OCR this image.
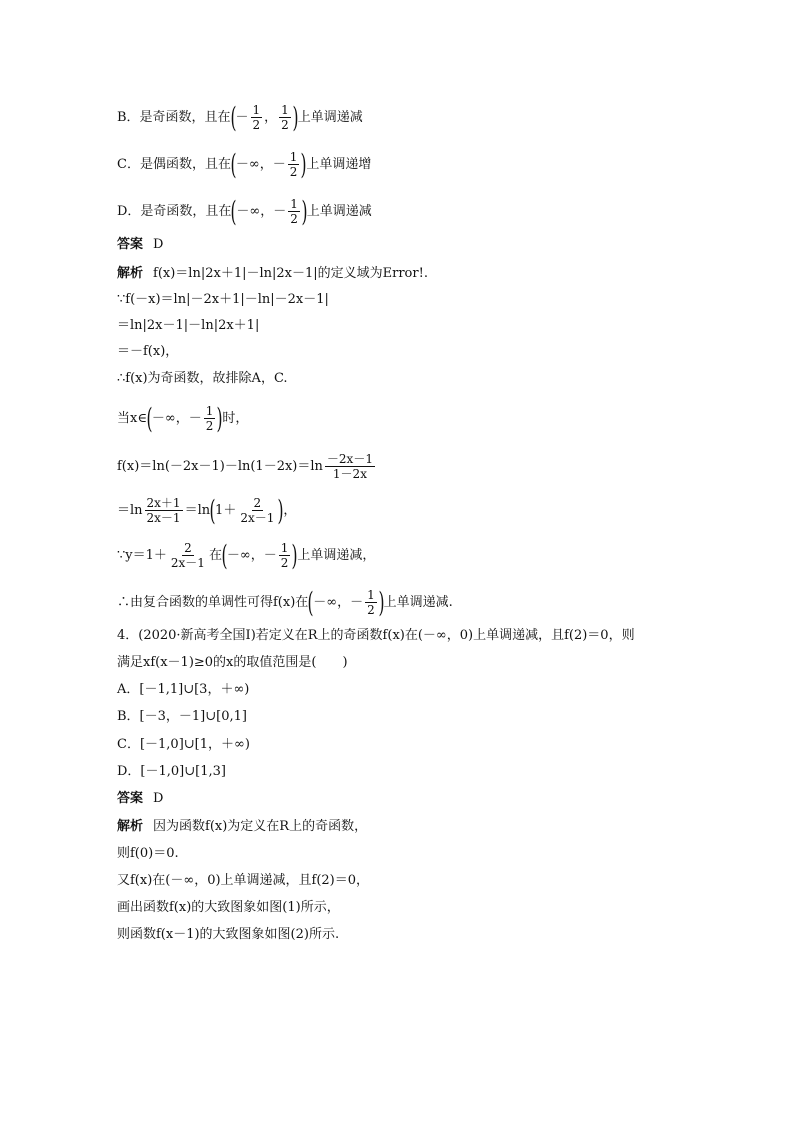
B．是奇函数，且在(－ $\frac{1}{2}$ ， $\frac{1}{2}$ )上单调递减
C．是偶函数，且在(－∞，－ $\frac{1}{2}$ )上单调递增
D．是奇函数，且在(－∞，－ $\frac{1}{2}$ )上单调递减
答案 D
解析 f(x)＝ln|2x＋1|－ln|2x－1|的定义域为Error!.
∵f(－x)＝ln|－2x＋1|－ln|－2x－1|
＝ln|2x－1|－ln|2x＋1|
＝－f(x)，
∴f(x)为奇函数，故排除A，C.
当x∈(－∞，－ $\frac{1}{2}$ )时，
$f(x)=\ln(-2x-1)-\ln(1-2x)=\ln \frac{-2x-1}{1-2x}$
$=\ln \frac{2x+1}{2x-1} =\ln(1+ \frac{2}{2x-1}$ )，
∵y＝1＋ $\frac{2}{2x-1}$ 在(－∞，－ $\frac{1}{2}$ )上单调递减，
∴由复合函数的单调性可得f(x)在(－∞，－ $\frac{1}{2}$ )上单调递减.
4．(2020·新高考全国Ⅰ)若定义在R上的奇函数f(x)在(－∞，0)上单调递减，且f(2)＝0，则
满足xf(x－1)≥0的x的取值范围是(　　)
A．[－1,1]∪[3，＋∞)
B．[－3，－1]∪[0,1]
C．[－1,0]∪[1，＋∞)
D．[－1,0]∪[1,3]
答案 D
解析 因为函数f(x)为定义在R上的奇函数，
则f(0)＝0.
又f(x)在(－∞，0)上单调递减，且f(2)＝0，
画出函数f(x)的大致图象如图(1)所示，
则函数f(x－1)的大致图象如图(2)所示.
